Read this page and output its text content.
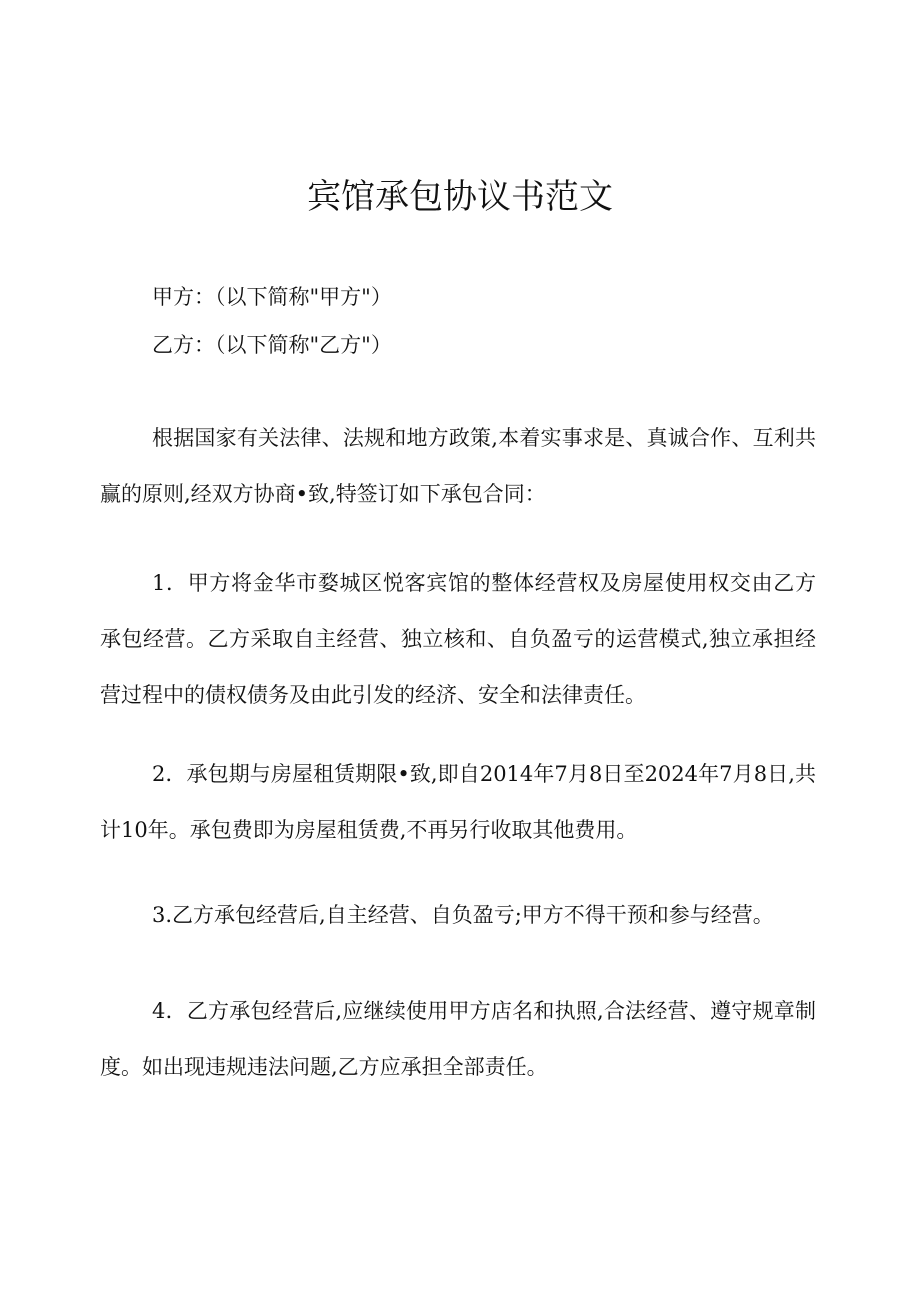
宾馆承包协议书范文
甲方：（以下简称"甲方"）
乙方：（以下简称"乙方"）

根据国家有关法律、法规和地方政策,本着实事求是、真诚合作、互利共赢的原则,经双方协商•致,特签订如下承包合同：

1．甲方将金华市婺城区悦客宾馆的整体经营权及房屋使用权交由乙方承包经营。乙方采取自主经营、独立核和、自负盈亏的运营模式,独立承担经营过程中的债权债务及由此引发的经济、安全和法律责任。

2．承包期与房屋租赁期限•致,即自2014年7月8日至2024年7月8日,共计10年。承包费即为房屋租赁费,不再另行收取其他费用。

3.乙方承包经营后,自主经营、自负盈亏;甲方不得干预和参与经营。

4．乙方承包经营后,应继续使用甲方店名和执照,合法经营、遵守规章制度。如出现违规违法问题,乙方应承担全部责任。
